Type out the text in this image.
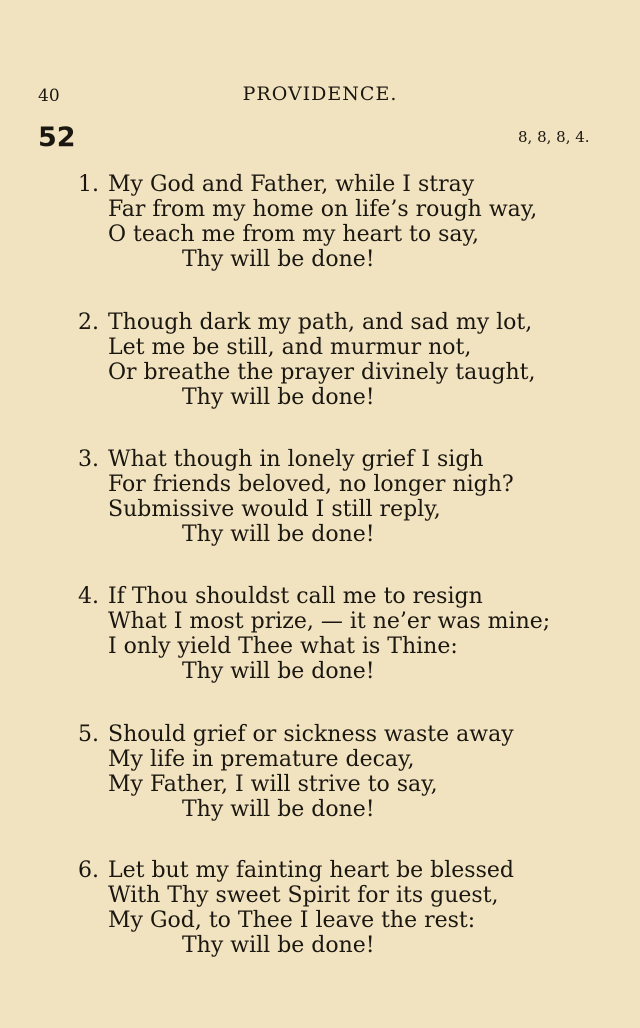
40	PROVIDENCE.
52	8, 8, 8, 4.
1. My God and Father, while I stray
Far from my home on life’s rough way,
O teach me from my heart to say,
Thy will be done!
2. Though dark my path, and sad my lot,
Let me be still, and murmur not,
Or breathe the prayer divinely taught,
Thy will be done!
3. What though in lonely grief I sigh
For friends beloved, no longer nigh?
Submissive would I still reply,
Thy will be done!
4. If Thou shouldst call me to resign
What I most prize, — it ne’er was mine;
I only yield Thee what is Thine:
Thy will be done!
5. Should grief or sickness waste away
My life in premature decay,
My Father, I will strive to say,
Thy will be done!
6. Let but my fainting heart be blessed
With Thy sweet Spirit for its guest,
My God, to Thee I leave the rest:
Thy will be done!
